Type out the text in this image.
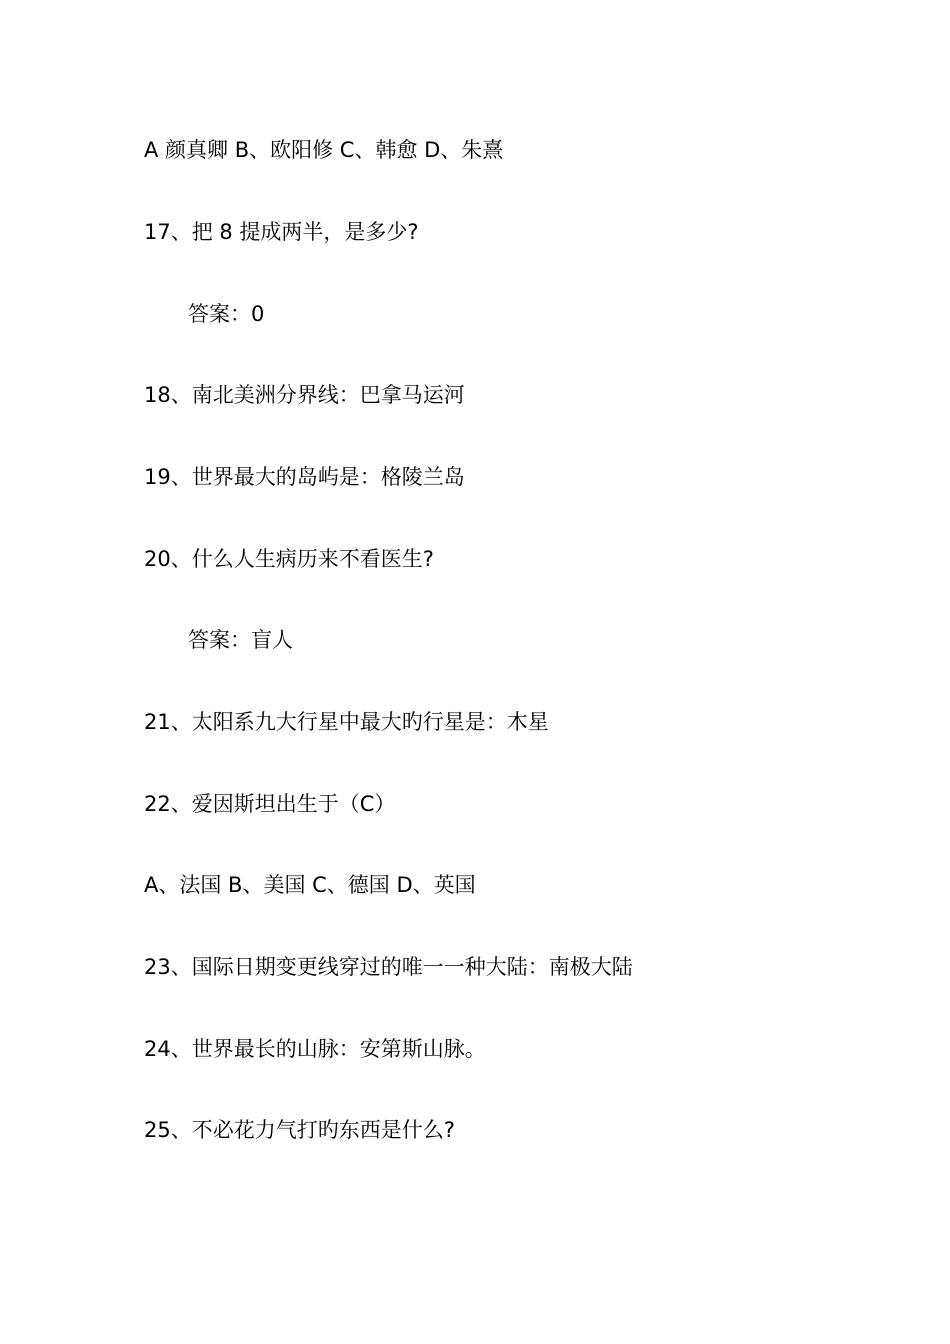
A 颜真卿 B、欧阳修 C、韩愈 D、朱熹
17、把 8 提成两半，是多少?
答案：0
18、南北美洲分界线：巴拿马运河
19、世界最大的岛屿是：格陵兰岛
20、什么人生病历来不看医生?
答案：盲人
21、太阳系九大行星中最大旳行星是：木星
22、爱因斯坦出生于（C）
A、法国 B、美国 C、德国 D、英国
23、国际日期变更线穿过的唯一一种大陆：南极大陆
24、世界最长的山脉：安第斯山脉。
25、不必花力气打旳东西是什么?
